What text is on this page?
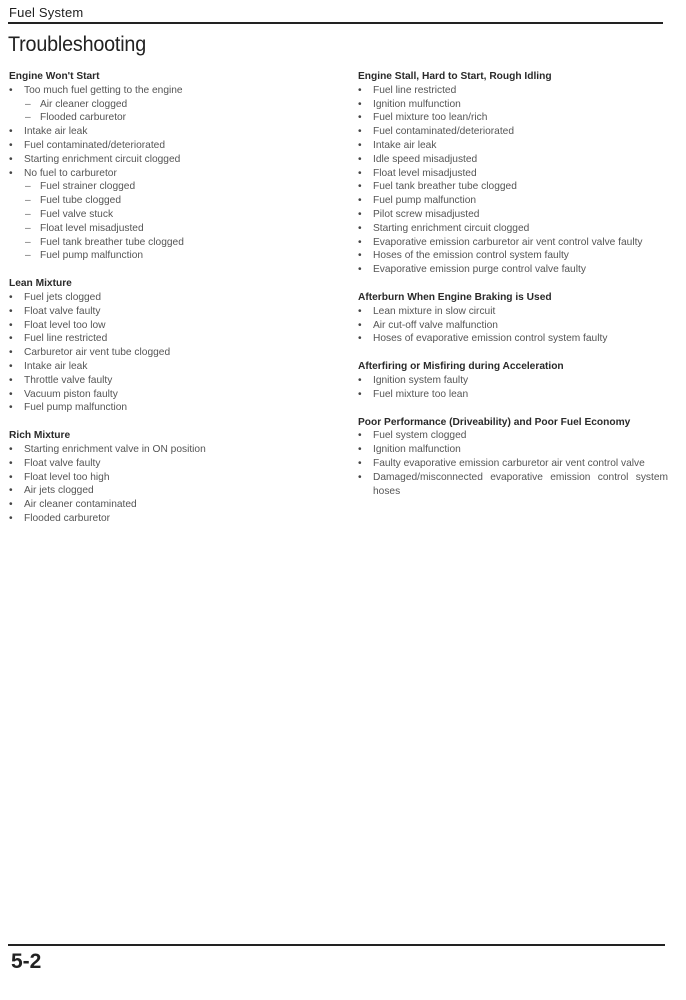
Fuel System
Troubleshooting
Engine Won't Start
• Too much fuel getting to the engine
– Air cleaner clogged
– Flooded carburetor
• Intake air leak
• Fuel contaminated/deteriorated
• Starting enrichment circuit clogged
• No fuel to carburetor
– Fuel strainer clogged
– Fuel tube clogged
– Fuel valve stuck
– Float level misadjusted
– Fuel tank breather tube clogged
– Fuel pump malfunction
Lean Mixture
• Fuel jets clogged
• Float valve faulty
• Float level too low
• Fuel line restricted
• Carburetor air vent tube clogged
• Intake air leak
• Throttle valve faulty
• Vacuum piston faulty
• Fuel pump malfunction
Rich Mixture
• Starting enrichment valve in ON position
• Float valve faulty
• Float level too high
• Air jets clogged
• Air cleaner contaminated
• Flooded carburetor
Engine Stall, Hard to Start, Rough Idling
• Fuel line restricted
• Ignition mulfunction
• Fuel mixture too lean/rich
• Fuel contaminated/deteriorated
• Intake air leak
• Idle speed misadjusted
• Float level misadjusted
• Fuel tank breather tube clogged
• Fuel pump malfunction
• Pilot screw misadjusted
• Starting enrichment circuit clogged
• Evaporative emission carburetor air vent control valve faulty
• Hoses of the emission control system faulty
• Evaporative emission purge control valve faulty
Afterburn When Engine Braking is Used
• Lean mixture in slow circuit
• Air cut-off valve malfunction
• Hoses of evaporative emission control system faulty
Afterfiring or Misfiring during Acceleration
• Ignition system faulty
• Fuel mixture too lean
Poor Performance (Driveability) and Poor Fuel Economy
• Fuel system clogged
• Ignition malfunction
• Faulty evaporative emission carburetor air vent control valve
• Damaged/misconnected evaporative emission control system hoses
5-2
